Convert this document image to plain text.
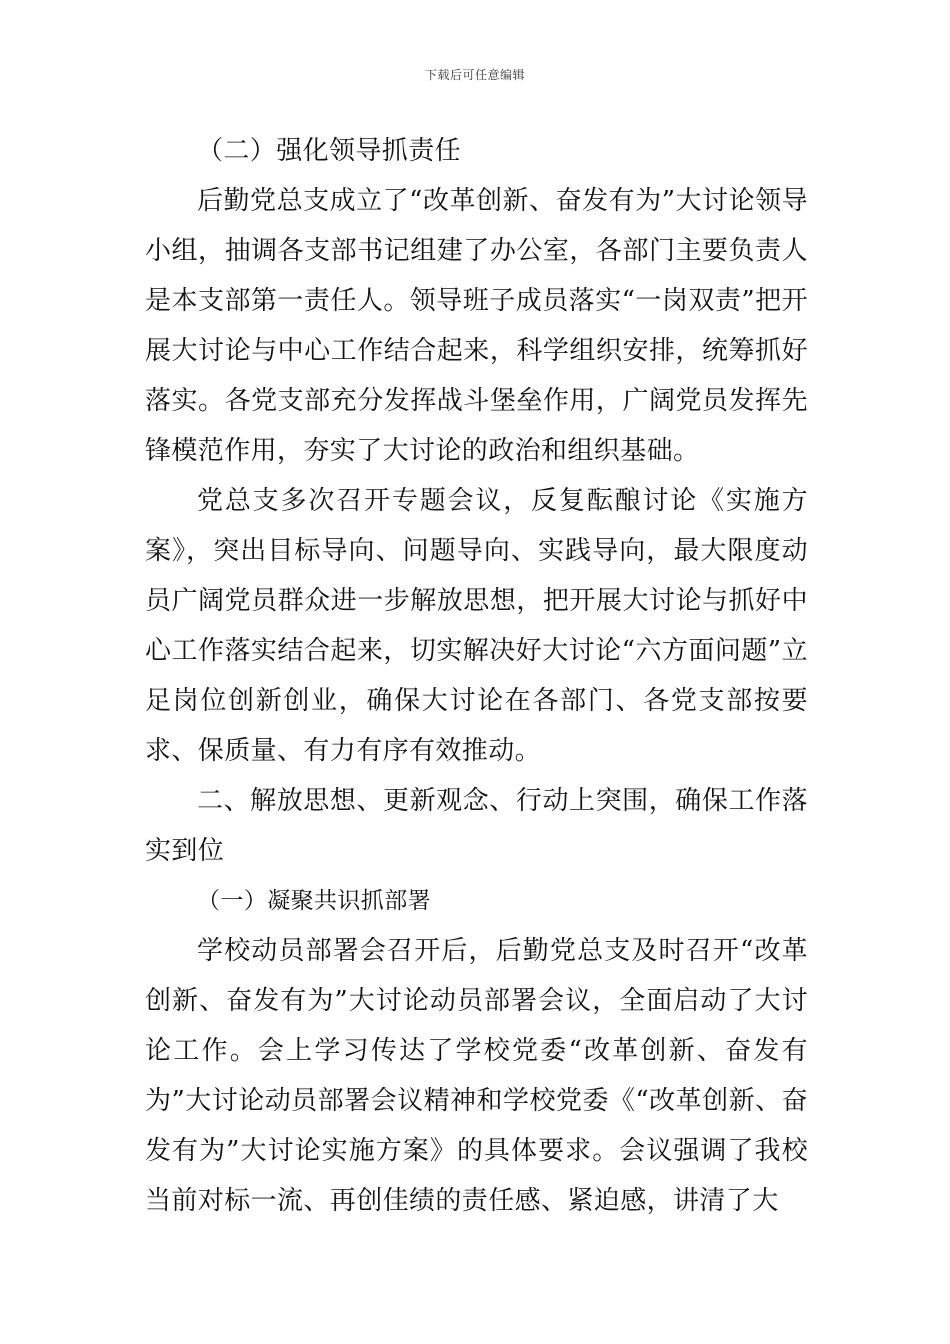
下载后可任意编辑

（二）强化领导抓责任

后勤党总支成立了“改革创新、奋发有为”大讨论领导小组，抽调各支部书记组建了办公室，各部门主要负责人是本支部第一责任人。领导班子成员落实“一岗双责”把开展大讨论与中心工作结合起来，科学组织安排，统筹抓好落实。各党支部充分发挥战斗堡垒作用，广阔党员发挥先锋模范作用，夯实了大讨论的政治和组织基础。

党总支多次召开专题会议，反复酝酿讨论《实施方案》，突出目标导向、问题导向、实践导向，最大限度动员广阔党员群众进一步解放思想，把开展大讨论与抓好中心工作落实结合起来，切实解决好大讨论“六方面问题”立足岗位创新创业，确保大讨论在各部门、各党支部按要求、保质量、有力有序有效推动。

二、解放思想、更新观念、行动上突围，确保工作落实到位

（一）凝聚共识抓部署

学校动员部署会召开后，后勤党总支及时召开“改革创新、奋发有为”大讨论动员部署会议，全面启动了大讨论工作。会上学习传达了学校党委“改革创新、奋发有为”大讨论动员部署会议精神和学校党委《“改革创新、奋发有为”大讨论实施方案》的具体要求。会议强调了我校当前对标一流、再创佳绩的责任感、紧迫感，讲清了大
